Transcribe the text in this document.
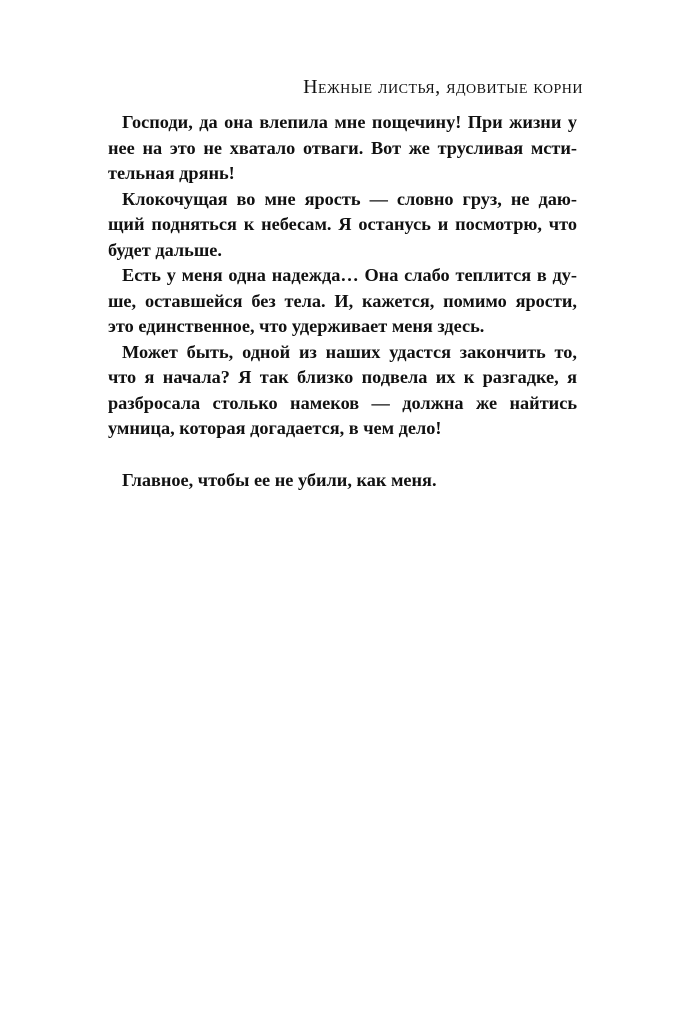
Нежные листья, ядовитые корни
Господи, да она влепила мне пощечину! При жизни у
нее на это не хватало отваги. Вот же трусливая мсти-
тельная дрянь!
Клокочущая во мне ярость — словно груз, не даю-
щий подняться к небесам. Я останусь и посмотрю, что
будет дальше.
Есть у меня одна надежда… Она слабо теплится в ду-
ше, оставшейся без тела. И, кажется, помимо ярости,
это единственное, что удерживает меня здесь.
Может быть, одной из наших удастся закончить то,
что я начала? Я так близко подвела их к разгадке, я
разбросала столько намеков — должна же найтись
умница, которая догадается, в чем дело!
Главное, чтобы ее не убили, как меня.
